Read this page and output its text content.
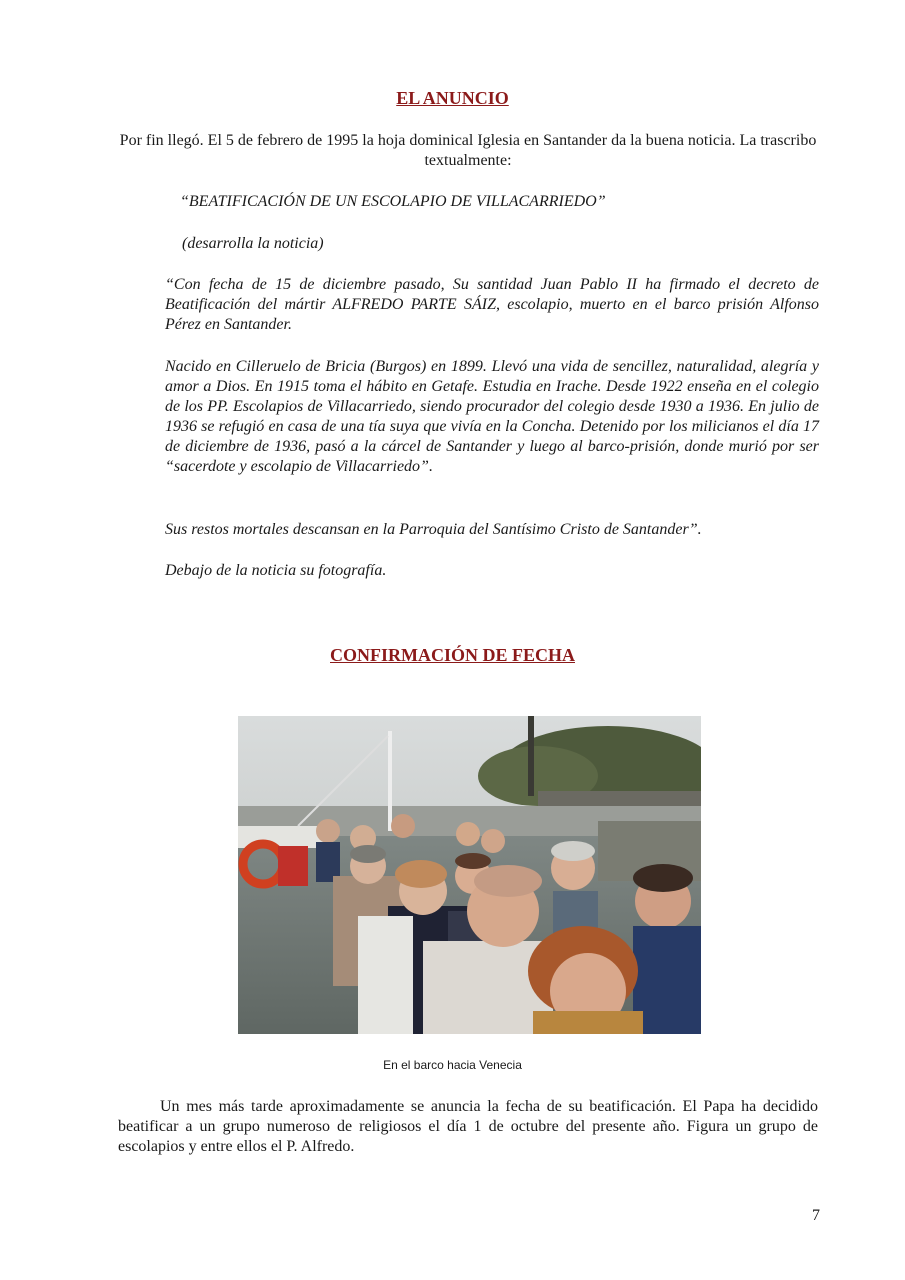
EL ANUNCIO

Por fin llegó. El 5 de febrero de 1995 la hoja dominical Iglesia en Santander da la buena noticia. La trascribo textualmente:

“BEATIFICACIÓN DE UN ESCOLAPIO DE VILLACARRIEDO”

(desarrolla la noticia)

“Con fecha de 15 de diciembre pasado, Su santidad Juan Pablo II ha firmado el decreto de Beatificación del mártir ALFREDO PARTE SÁIZ, escolapio, muerto en el barco prisión Alfonso Pérez en Santander.

Nacido en Cilleruelo de Bricia (Burgos) en 1899. Llevó una vida de sencillez, naturalidad, alegría y amor a Dios. En 1915 toma el hábito en Getafe. Estudia en Irache. Desde 1922 enseña en el colegio de los PP. Escolapios de Villacarriedo, siendo procurador del colegio desde 1930 a 1936. En julio de 1936 se refugió en casa de una tía suya que vivía en la Concha. Detenido por los milicianos el día 17 de diciembre de 1936, pasó a la cárcel de Santander y luego al barco-prisión, donde murió por ser “sacerdote y escolapio de Villacarriedo”.

Sus restos mortales descansan en la Parroquia del Santísimo Cristo de Santander”.

Debajo de la noticia su fotografía.

CONFIRMACIÓN DE FECHA
En el barco hacia Venecia

Un mes más tarde aproximadamente se anuncia la fecha de su beatificación. El Papa ha decidido beatificar a un grupo numeroso de religiosos el día 1 de octubre del presente año. Figura un grupo de escolapios y entre ellos el P. Alfredo.

7
